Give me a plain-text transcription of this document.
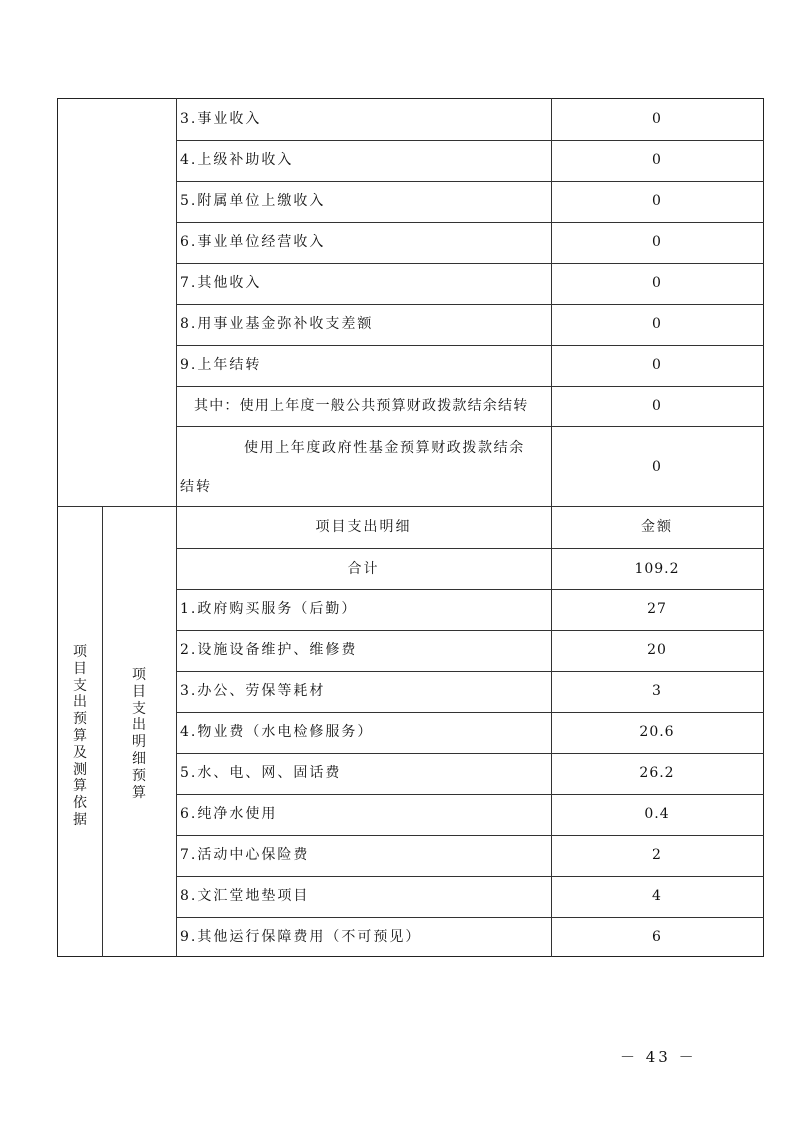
3.事业收入	0
4.上级补助收入	0
5.附属单位上缴收入	0
6.事业单位经营收入	0
7.其他收入	0
8.用事业基金弥补收支差额	0
9.上年结转	0
其中：使用上年度一般公共预算财政拨款结余结转	0
使用上年度政府性基金预算财政拨款结余
结转
0
项目支出预算及测算依据
项目支出明细预算
项目支出明细	金额
合计	109.2
1.政府购买服务（后勤）	27
2.设施设备维护、维修费	20
3.办公、劳保等耗材	3
4.物业费（水电检修服务）	20.6
5.水、电、网、固话费	26.2
6.纯净水使用	0.4
7.活动中心保险费	2
8.文汇堂地垫项目	4
9.其他运行保障费用（不可预见）	6
－ 43 －
